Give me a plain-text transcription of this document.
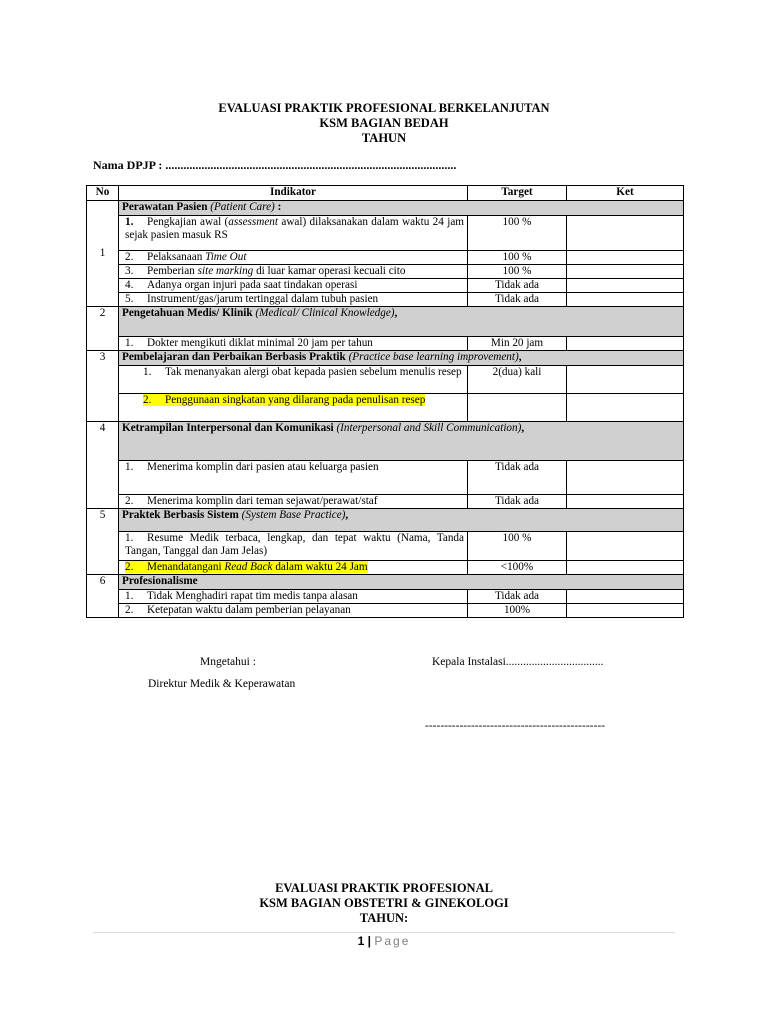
EVALUASI PRAKTIK PROFESIONAL BERKELANJUTAN
KSM BAGIAN BEDAH
TAHUN
Nama DPJP : .................................................................................................
No	Indikator	Target	Ket
1	Perawatan Pasien (Patient Care) :		
	1. Pengkajian awal (assessment awal) dilaksanakan dalam waktu 24 jam sejak pasien masuk RS	100 %	
	2. Pelaksanaan Time Out	100 %	
	3. Pemberian site marking di luar kamar operasi kecuali cito	100 %	
	4. Adanya organ injuri pada saat tindakan operasi	Tidak ada	
	5. Instrument/gas/jarum tertinggal dalam tubuh pasien	Tidak ada	
2	Pengetahuan Medis/ Klinik (Medical/ Clinical Knowledge),		
	1. Dokter mengikuti diklat minimal 20 jam per tahun	Min 20 jam	
3	Pembelajaran dan Perbaikan Berbasis Praktik (Practice base learning improvement),		
	1. Tak menanyakan alergi obat kepada pasien sebelum menulis resep	2(dua) kali	
	2. Penggunaan singkatan yang dilarang pada penulisan resep		
4	Ketrampilan Interpersonal dan Komunikasi (Interpersonal and Skill Communication),		
	1. Menerima komplin dari pasien atau keluarga pasien	Tidak ada	
	2. Menerima komplin dari teman sejawat/perawat/staf	Tidak ada	
5	Praktek Berbasis Sistem (System Base Practice),		
	1. Resume Medik terbaca, lengkap, dan tepat waktu (Nama, Tanda Tangan, Tanggal dan Jam Jelas)	100 %	
	2. Menandatangani Read Back dalam waktu 24 Jam	<100%	
6	Profesionalisme		
	1. Tidak Menghadiri rapat tim medis tanpa alasan	Tidak ada	
	2. Ketepatan waktu dalam pemberian pelayanan	100%	
Mngetahui :
Direktur Medik & Keperawatan
Kepala Instalasi..................................
-----------------------------------------------
EVALUASI PRAKTIK PROFESIONAL
KSM BAGIAN OBSTETRI & GINEKOLOGI
TAHUN:
1 | Page
